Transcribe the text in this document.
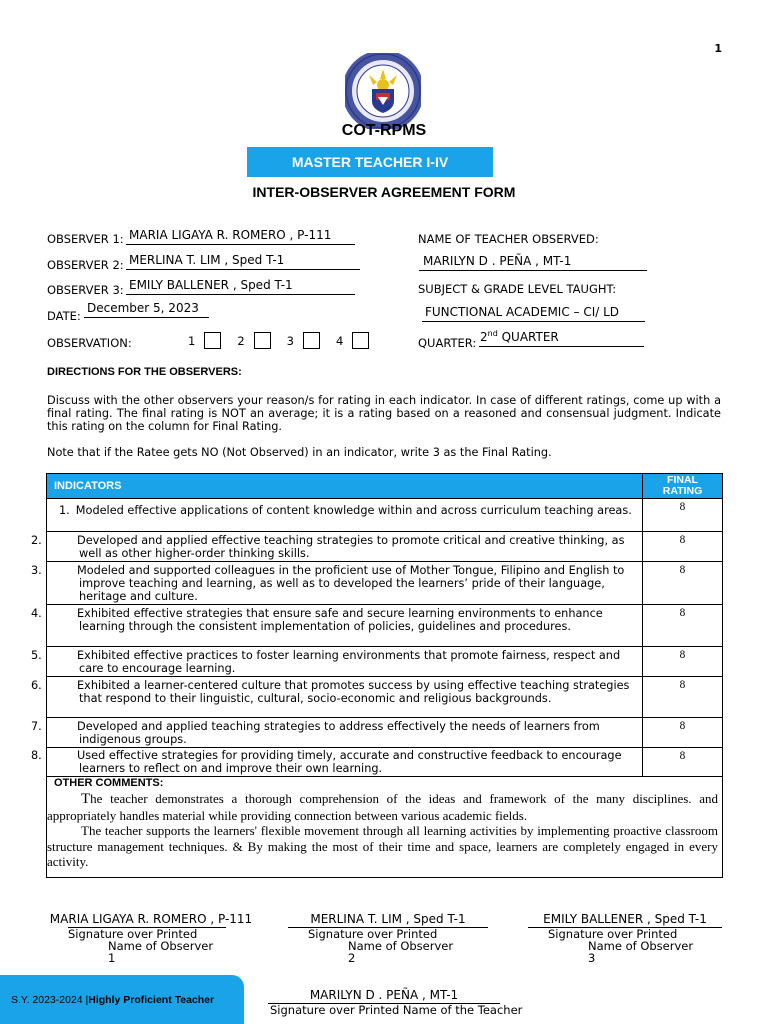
1
COT-RPMS
MASTER TEACHER I-IV
INTER-OBSERVER AGREEMENT FORM
OBSERVER 1: MARIA LIGAYA R. ROMERO , P-111
OBSERVER 2: MERLINA T. LIM , Sped T-1
OBSERVER 3: EMILY BALLENER , Sped T-1
DATE:
December 5, 2023
OBSERVATION:	1	2	3	4
NAME OF TEACHER OBSERVED:
MARILYN D . PEÑA , MT-1
SUBJECT & GRADE LEVEL TAUGHT:
FUNCTIONAL ACADEMIC – CI/ LD
QUARTER: 2nd QUARTER
DIRECTIONS FOR THE OBSERVERS:
Discuss with the other observers your reason/s for rating in each indicator. In case of different ratings, come up with a final rating. The final rating is NOT an average; it is a rating based on a reasoned and consensual judgment. Indicate this rating on the column for Final Rating.
Note that if the Ratee gets NO (Not Observed) in an indicator, write 3 as the Final Rating.
INDICATORS	FINAL
RATING

1. Modeled effective applications of content knowledge within and across curriculum teaching areas.	8
2. Developed and applied effective teaching strategies to promote critical and creative thinking, as well as other higher-order thinking skills.	8
3. Modeled and supported colleagues in the proficient use of Mother Tongue, Filipino and English to improve teaching and learning, as well as to developed the learners’ pride of their language, heritage and culture.	8
4. Exhibited effective strategies that ensure safe and secure learning environments to enhance learning through the consistent implementation of policies, guidelines and procedures.	8
5. Exhibited effective practices to foster learning environments that promote fairness, respect and care to encourage learning.	8
6. Exhibited a learner-centered culture that promotes success by using effective teaching strategies that respond to their linguistic, cultural, socio-economic and religious backgrounds.	8
7. Developed and applied teaching strategies to address effectively the needs of learners from indigenous groups.	8
8. Used effective strategies for providing timely, accurate and constructive feedback to encourage learners to reflect on and improve their own learning.	8

OTHER COMMENTS:

The teacher demonstrates a thorough comprehension of the ideas and framework of the many disciplines. and appropriately handles material while providing connection between various academic fields.

The teacher supports the learners' flexible movement through all learning activities by implementing proactive classroom structure management techniques. & By making the most of their time and space, learners are completely engaged in every activity.	

MARIA LIGAYA R. ROMERO , P-111
Signature over Printed
Name of Observer
1
MERLINA T. LIM , Sped T-1
Signature over Printed
Name of Observer
2
EMILY BALLENER , Sped T-1
Signature over Printed
Name of Observer
3
MARILYN D . PEÑA , MT-1
Signature over Printed Name of the Teacher
S.Y. 2023-2024 | Highly Proficient Teacher
